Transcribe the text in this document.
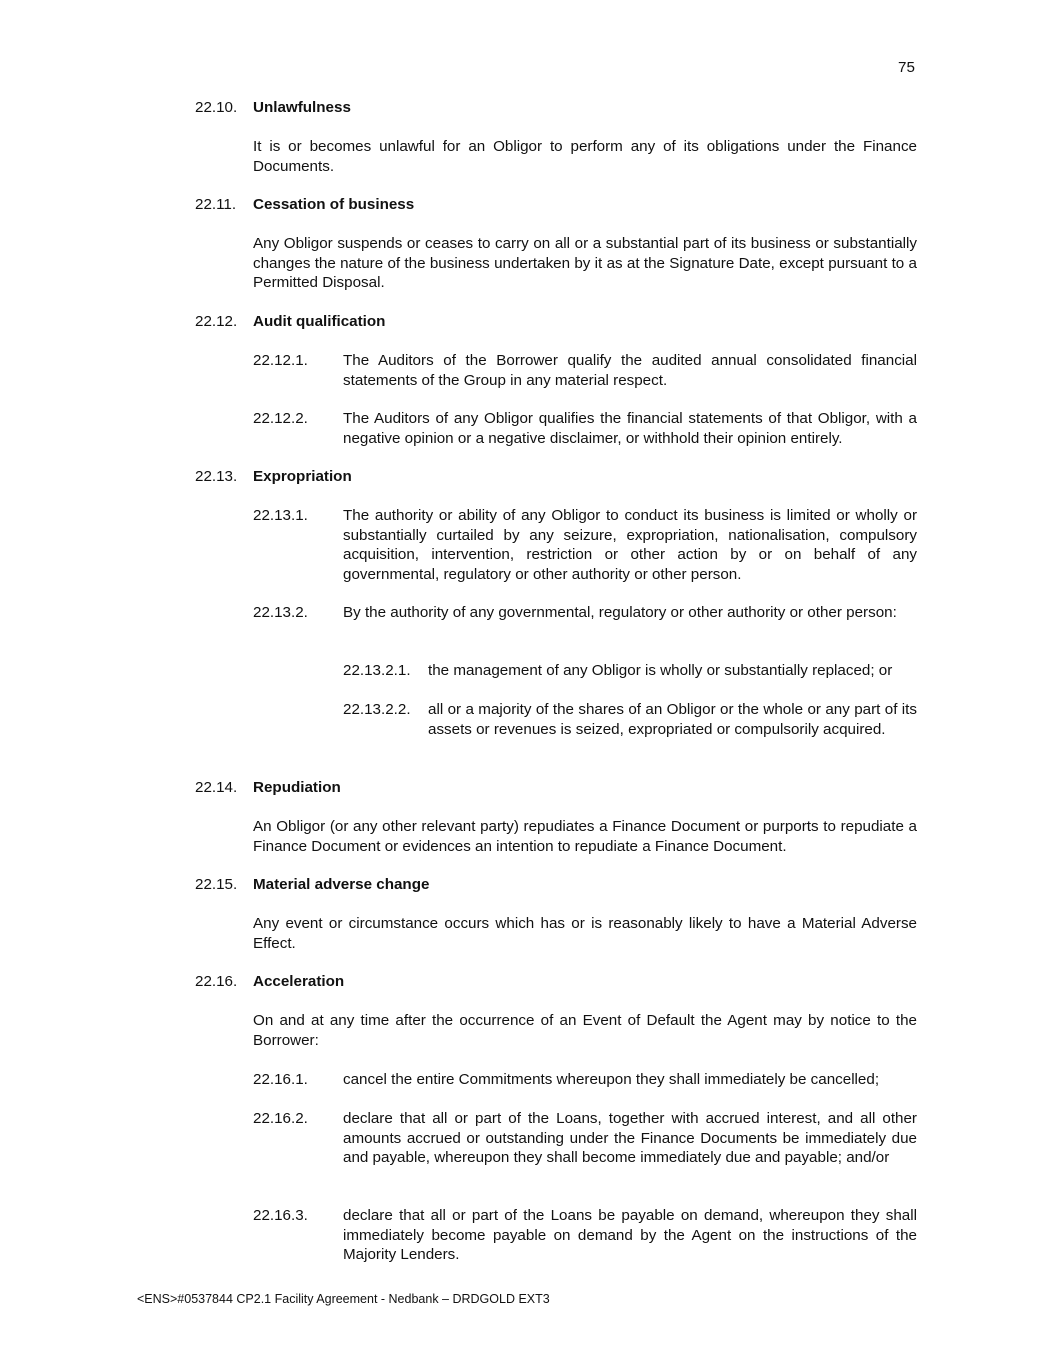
75
22.10. Unlawfulness
It is or becomes unlawful for an Obligor to perform any of its obligations under the Finance Documents.
22.11. Cessation of business
Any Obligor suspends or ceases to carry on all or a substantial part of its business or substantially changes the nature of the business undertaken by it as at the Signature Date, except pursuant to a Permitted Disposal.
22.12. Audit qualification
22.12.1. The Auditors of the Borrower qualify the audited annual consolidated financial statements of the Group in any material respect.
22.12.2. The Auditors of any Obligor qualifies the financial statements of that Obligor, with a negative opinion or a negative disclaimer, or withhold their opinion entirely.
22.13. Expropriation
22.13.1. The authority or ability of any Obligor to conduct its business is limited or wholly or substantially curtailed by any seizure, expropriation, nationalisation, compulsory acquisition, intervention, restriction or other action by or on behalf of any governmental, regulatory or other authority or other person.
22.13.2. By the authority of any governmental, regulatory or other authority or other person:
22.13.2.1. the management of any Obligor is wholly or substantially replaced; or
22.13.2.2. all or a majority of the shares of an Obligor or the whole or any part of its assets or revenues is seized, expropriated or compulsorily acquired.
22.14. Repudiation
An Obligor (or any other relevant party) repudiates a Finance Document or purports to repudiate a Finance Document or evidences an intention to repudiate a Finance Document.
22.15. Material adverse change
Any event or circumstance occurs which has or is reasonably likely to have a Material Adverse Effect.
22.16. Acceleration
On and at any time after the occurrence of an Event of Default the Agent may by notice to the Borrower:
22.16.1. cancel the entire Commitments whereupon they shall immediately be cancelled;
22.16.2. declare that all or part of the Loans, together with accrued interest, and all other amounts accrued or outstanding under the Finance Documents be immediately due and payable, whereupon they shall become immediately due and payable; and/or
22.16.3. declare that all or part of the Loans be payable on demand, whereupon they shall immediately become payable on demand by the Agent on the instructions of the Majority Lenders.
<ENS>#0537844 CP2.1 Facility Agreement - Nedbank – DRDGOLD EXT3
